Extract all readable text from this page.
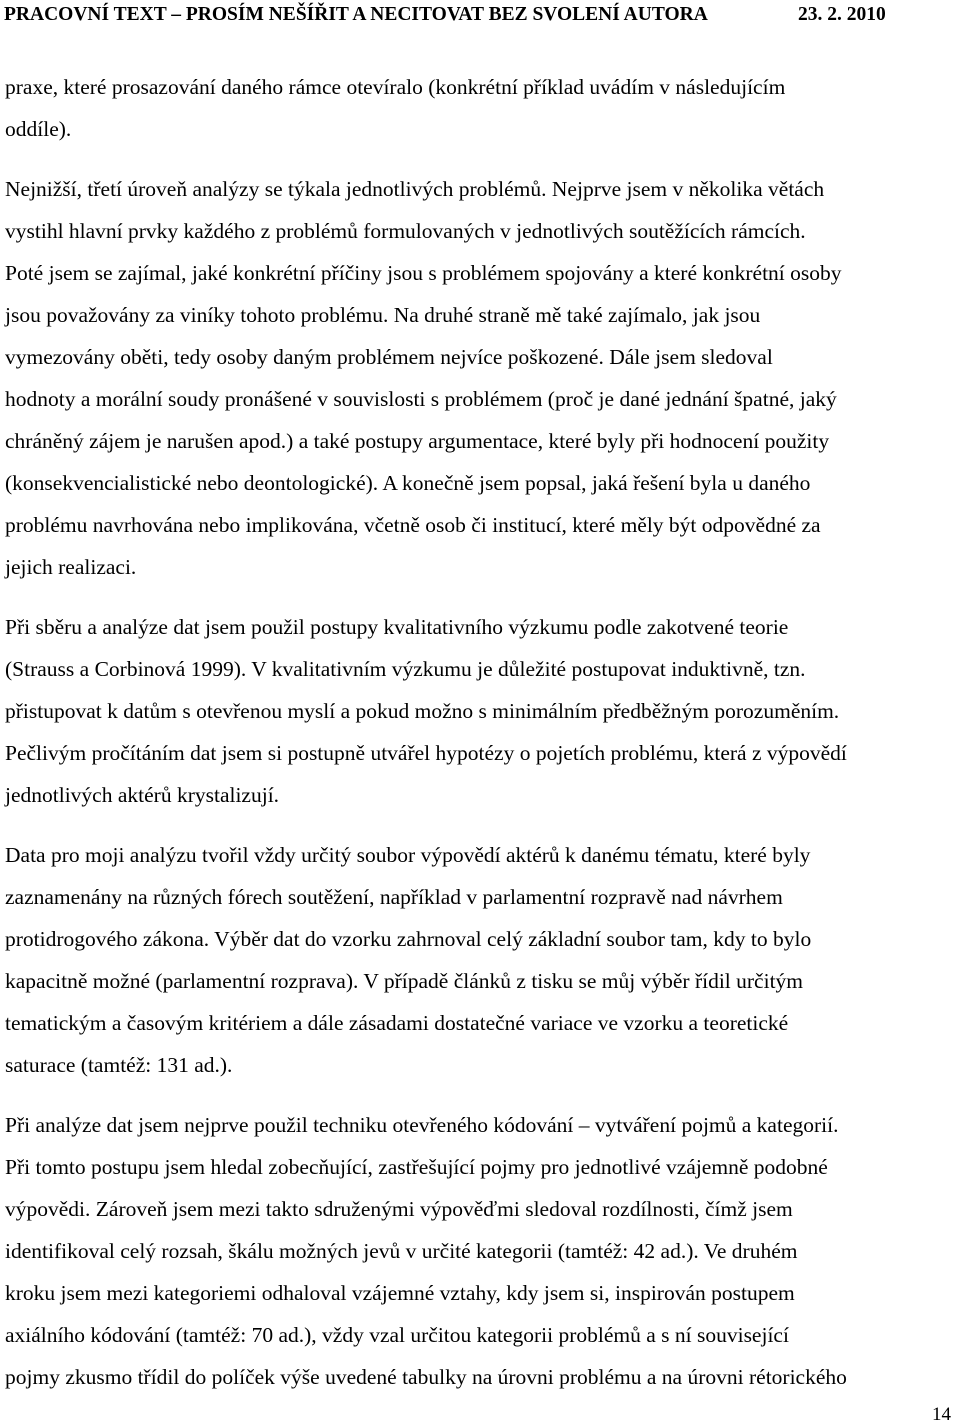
PRACOVNÍ TEXT – PROSÍM NEŠÍŘIT A NECITOVAT BEZ SVOLENÍ AUTORA	23. 2. 2010

praxe, které prosazování daného rámce otevíralo (konkrétní příklad uvádím v následujícím
oddíle).

Nejnižší, třetí úroveň analýzy se týkala jednotlivých problémů. Nejprve jsem v několika větách
vystihl hlavní prvky každého z problémů formulovaných v jednotlivých soutěžících rámcích.
Poté jsem se zajímal, jaké konkrétní příčiny jsou s problémem spojovány a které konkrétní osoby
jsou považovány za viníky tohoto problému. Na druhé straně mě také zajímalo, jak jsou
vymezovány oběti, tedy osoby daným problémem nejvíce poškozené. Dále jsem sledoval
hodnoty a morální soudy pronášené v souvislosti s problémem (proč je dané jednání špatné, jaký
chráněný zájem je narušen apod.) a také postupy argumentace, které byly při hodnocení použity
(konsekvencialistické nebo deontologické). A konečně jsem popsal, jaká řešení byla u daného
problému navrhována nebo implikována, včetně osob či institucí, které měly být odpovědné za
jejich realizaci.

Při sběru a analýze dat jsem použil postupy kvalitativního výzkumu podle zakotvené teorie
(Strauss a Corbinová 1999). V kvalitativním výzkumu je důležité postupovat induktivně, tzn.
přistupovat k datům s otevřenou myslí a pokud možno s minimálním předběžným porozuměním.
Pečlivým pročítáním dat jsem si postupně utvářel hypotézy o pojetích problému, která z výpovědí
jednotlivých aktérů krystalizují.

Data pro moji analýzu tvořil vždy určitý soubor výpovědí aktérů k danému tématu, které byly
zaznamenány na různých fórech soutěžení, například v parlamentní rozpravě nad návrhem
protidrogového zákona. Výběr dat do vzorku zahrnoval celý základní soubor tam, kdy to bylo
kapacitně možné (parlamentní rozprava). V případě článků z tisku se můj výběr řídil určitým
tematickým a časovým kritériem a dále zásadami dostatečné variace ve vzorku a teoretické
saturace (tamtéž: 131 ad.).

Při analýze dat jsem nejprve použil techniku otevřeného kódování – vytváření pojmů a kategorií.
Při tomto postupu jsem hledal zobecňující, zastřešující pojmy pro jednotlivé vzájemně podobné
výpovědi. Zároveň jsem mezi takto sdruženými výpověďmi sledoval rozdílnosti, čímž jsem
identifikoval celý rozsah, škálu možných jevů v určité kategorii (tamtéž: 42 ad.). Ve druhém
kroku jsem mezi kategoriemi odhaloval vzájemné vztahy, kdy jsem si, inspirován postupem
axiálního kódování (tamtéž: 70 ad.), vždy vzal určitou kategorii problémů a s ní související
pojmy zkusmo třídil do políček výše uvedené tabulky na úrovni problému a na úrovni rétorického

14
